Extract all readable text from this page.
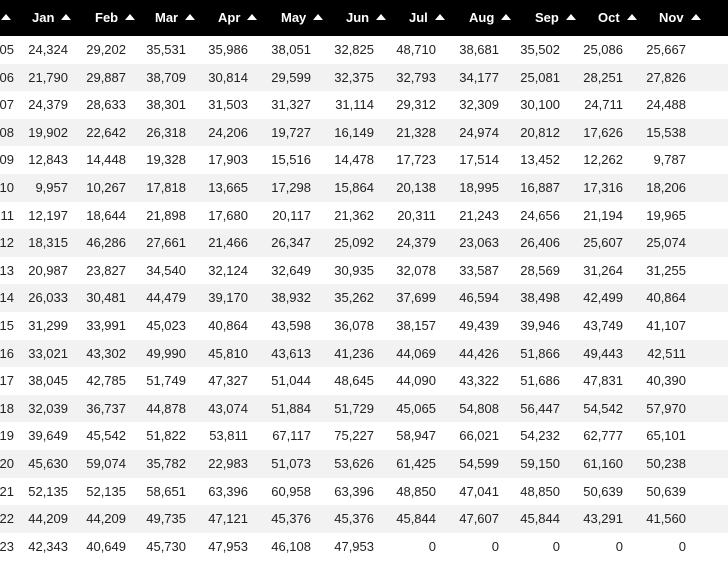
Jan	Feb	Mar	Apr	May	Jun	Jul	Aug	Sep	Oct	Nov
05 24,324 29,202 35,531 35,986 38,051 32,825 48,710 38,681 35,502 25,086 25,667
06 21,790 29,887 38,709 30,814 29,599 32,375 32,793 34,177 25,081 28,251 27,826
07 24,379 28,633 38,301 31,503 31,327 31,114 29,312 32,309 30,100 24,711 24,488
08 19,902 22,642 26,318 24,206 19,727 16,149 21,328 24,974 20,812 17,626 15,538
09 12,843 14,448 19,328 17,903 15,516 14,478 17,723 17,514 13,452 12,262 9,787
10 9,957 10,267 17,818 13,665 17,298 15,864 20,138 18,995 16,887 17,316 18,206
11 12,197 18,644 21,898 17,680 20,117 21,362 20,311 21,243 24,656 21,194 19,965
12 18,315 46,286 27,661 21,466 26,347 25,092 24,379 23,063 26,406 25,607 25,074
13 20,987 23,827 34,540 32,124 32,649 30,935 32,078 33,587 28,569 31,264 31,255
14 26,033 30,481 44,479 39,170 38,932 35,262 37,699 46,594 38,498 42,499 40,864
15 31,299 33,991 45,023 40,864 43,598 36,078 38,157 49,439 39,946 43,749 41,107
16 33,021 43,302 49,990 45,810 43,613 41,236 44,069 44,426 51,866 49,443 42,511
17 38,045 42,785 51,749 47,327 51,044 48,645 44,090 43,322 51,686 47,831 40,390
18 32,039 36,737 44,878 43,074 51,884 51,729 45,065 54,808 56,447 54,542 57,970
19 39,649 45,542 51,822 53,811 67,117 75,227 58,947 66,021 54,232 62,777 65,101
20 45,630 59,074 35,782 22,983 51,073 53,626 61,425 54,599 59,150 61,160 50,238
21 52,135 52,135 58,651 63,396 60,958 63,396 48,850 47,041 48,850 50,639 50,639
22 44,209 44,209 49,735 47,121 45,376 45,376 45,844 47,607 45,844 43,291 41,560
23 42,343 40,649 45,730 47,953 46,108 47,953	0	0	0	0	0
